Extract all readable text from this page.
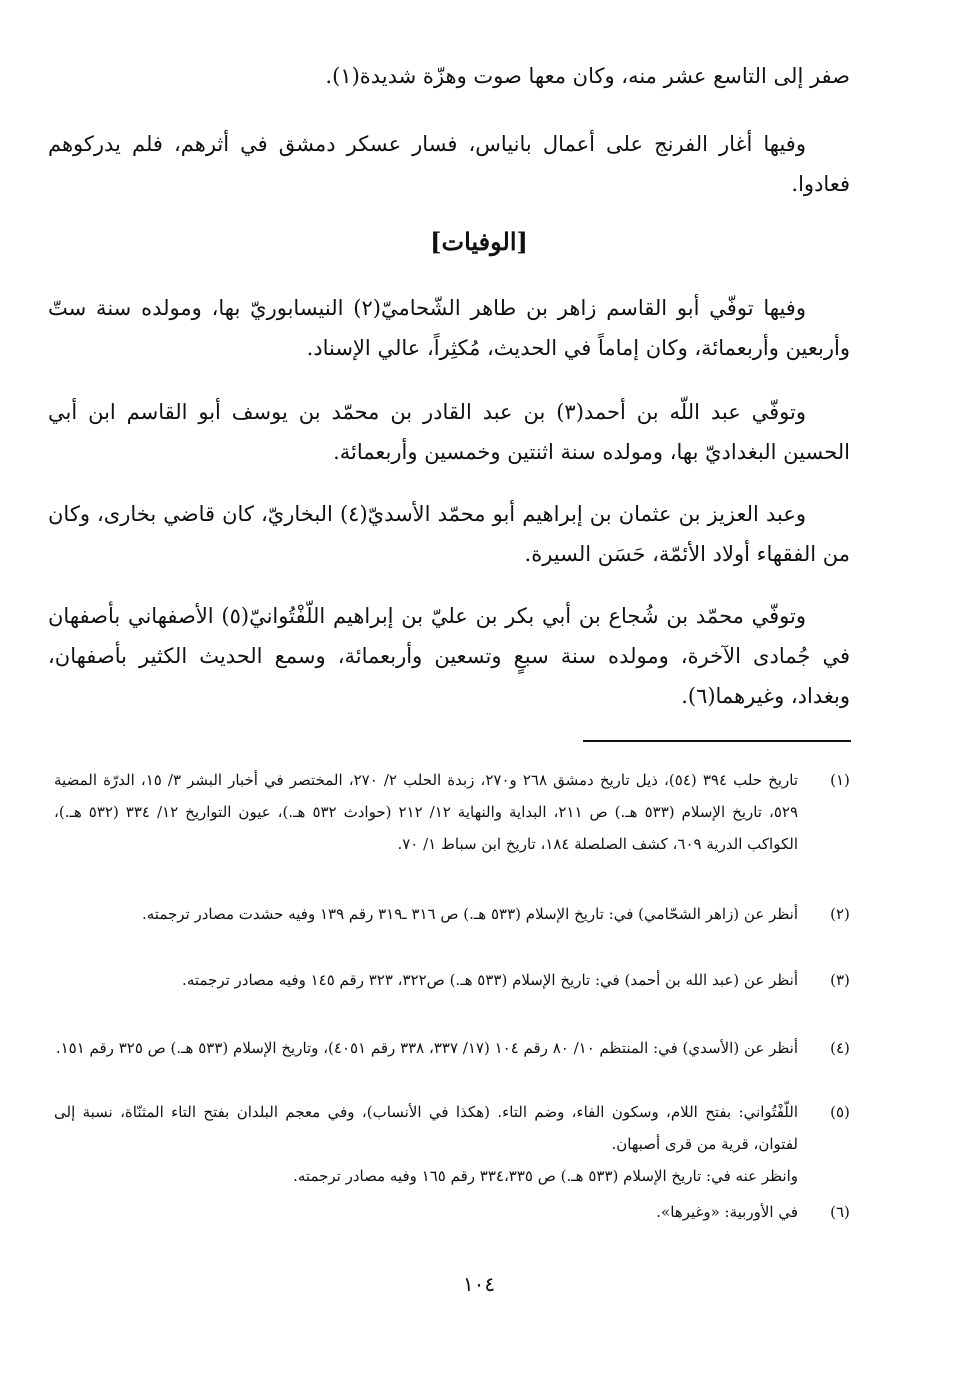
صفر إلى التاسع عشر منه، وكان معها صوت وهزّة شديدة(١).

وفيها أغار الفرنج على أعمال بانياس، فسار عسكر دمشق في أثرهم، فلم يدركوهم فعادوا.

[الوفيات]

وفيها توفّي أبو القاسم زاهر بن طاهر الشّحاميّ(٢) النيسابوريّ بها، ومولده سنة ستّ وأربعين وأربعمائة، وكان إماماً في الحديث، مُكثِراً، عالي الإسناد.

وتوفّي عبد اللّه بن أحمد(٣) بن عبد القادر بن محمّد بن يوسف أبو القاسم ابن أبي الحسين البغداديّ بها، ومولده سنة اثنتين وخمسين وأربعمائة.

وعبد العزيز بن عثمان بن إبراهيم أبو محمّد الأسديّ(٤) البخاريّ، كان قاضي بخارى، وكان من الفقهاء أولاد الأئمّة، حَسَن السيرة.

وتوفّي محمّد بن شُجاع بن أبي بكر بن عليّ بن إبراهيم اللّفْتُوانيّ(٥) الأصفهاني بأصفهان في جُمادى الآخرة، ومولده سنة سبعٍ وتسعين وأربعمائة، وسمع الحديث الكثير بأصفهان، وبغداد، وغيرهما(٦).

(١)
تاريخ حلب ٣٩٤ (٥٤)، ذيل تاريخ دمشق ٢٦٨ و٢٧٠، زبدة الحلب ٢/ ٢٧٠، المختصر في أخبار البشر ٣/ ١٥، الدرّة المضية ٥٢٩، تاريخ الإسلام (٥٣٣ هـ.) ص ٢١١، البداية والنهاية ١٢/ ٢١٢ (حوادث ٥٣٢ هـ.)، عيون التواريخ ١٢/ ٣٣٤ (٥٣٢ هـ.)، الكواكب الدرية ٦٠٩، كشف الصلصلة ١٨٤، تاريخ ابن سباط ١/ ٧٠.
(٢)
أنظر عن (زاهر الشحّامي) في: تاريخ الإسلام (٥٣٣ هـ.) ص ٣١٦ ـ٣١٩ رقم ١٣٩ وفيه حشدت مصادر ترجمته.
(٣)
أنظر عن (عبد الله بن أحمد) في: تاريخ الإسلام (٥٣٣ هـ.) ص٣٢٢، ٣٢٣ رقم ١٤٥ وفيه مصادر ترجمته.
(٤)
أنظر عن (الأسدي) في: المنتظم ١٠/ ٨٠ رقم ١٠٤ (١٧/ ٣٣٧، ٣٣٨ رقم ٤٠٥١)، وتاريخ الإسلام (٥٣٣ هـ.) ص ٣٢٥ رقم ١٥١.
(٥)
اللّفْتُواني: بفتح اللام، وسكون الفاء، وضم التاء. (هكذا في الأنساب)، وفي معجم البلدان بفتح التاء المثنّاة، نسبة إلى لفتوان، قرية من قرى أصبهان.
وانظر عنه في: تاريخ الإسلام (٥٣٣ هـ.) ص ٣٣٤،٣٣٥ رقم ١٦٥ وفيه مصادر ترجمته.
(٦)
في الأوربية: «وغيرها».
١٠٤
